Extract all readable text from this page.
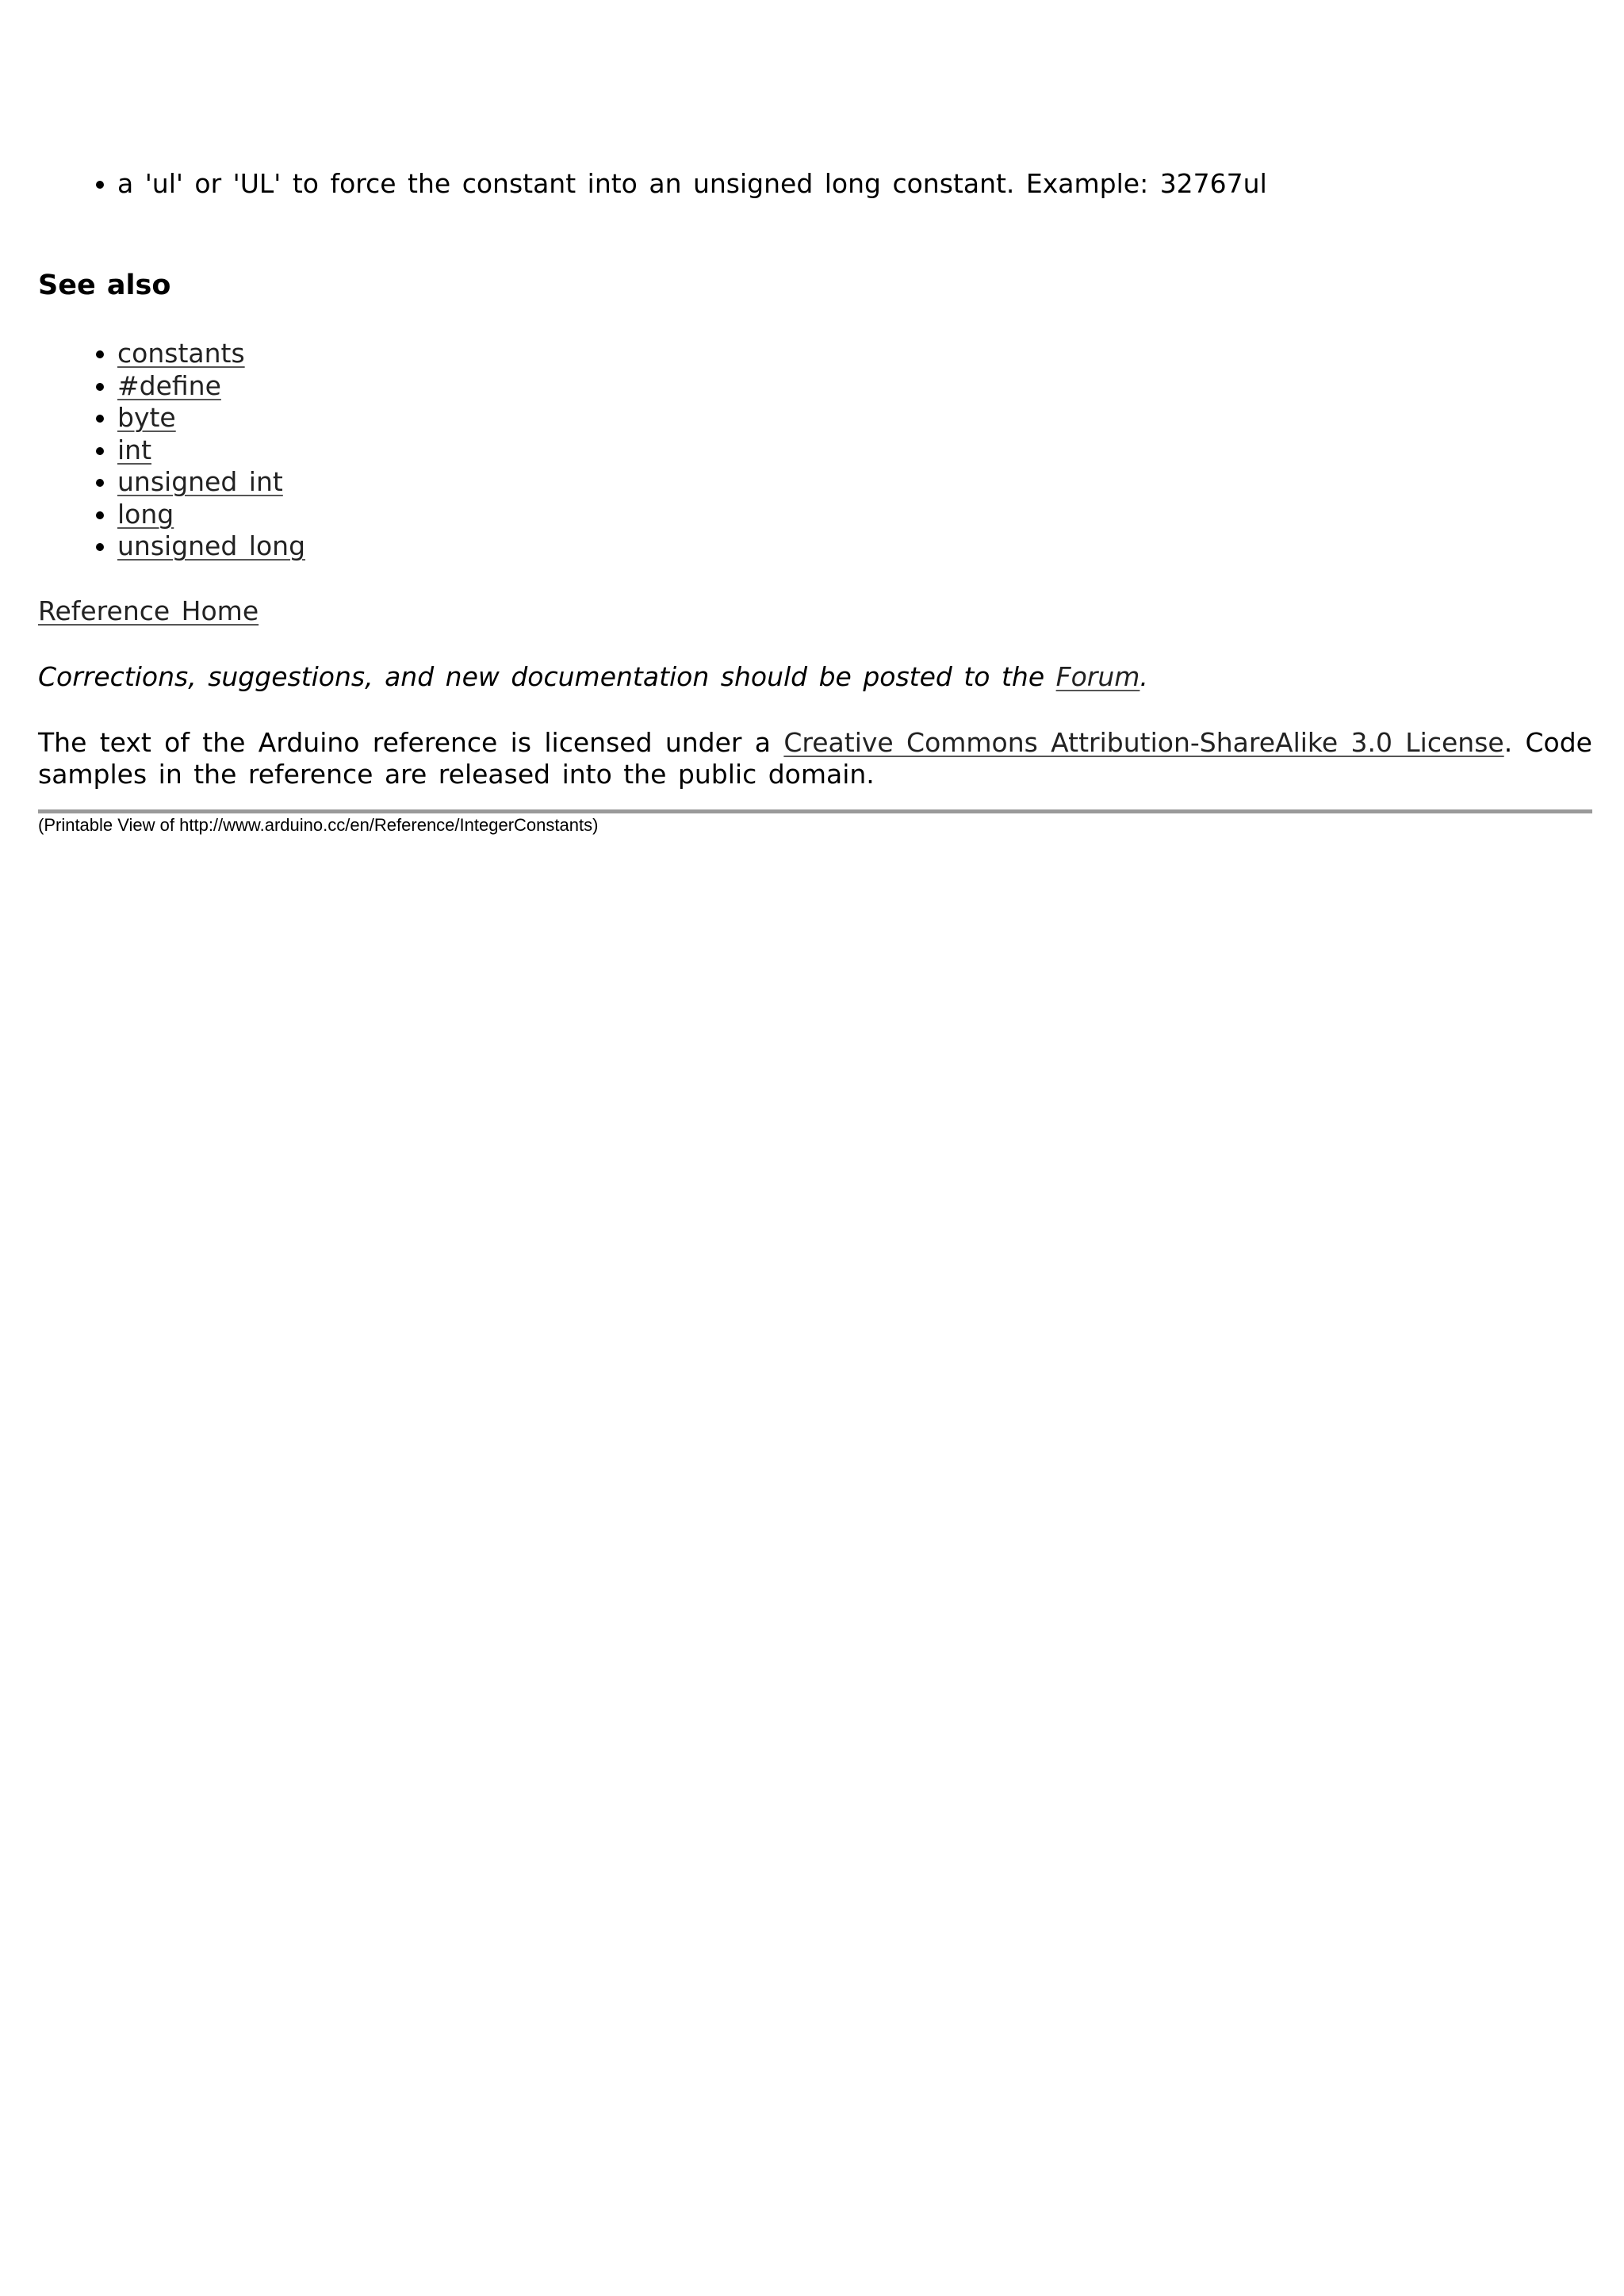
• a 'ul' or 'UL' to force the constant into an unsigned long constant. Example: 32767ul
See also
• constants
• #define
• byte
• int
• unsigned int
• long
• unsigned long

Reference Home

Corrections, suggestions, and new documentation should be posted to the Forum.

The text of the Arduino reference is licensed under a Creative Commons Attribution-ShareAlike 3.0 License. Code samples in the reference are released into the public domain.

(Printable View of http://www.arduino.cc/en/Reference/IntegerConstants)
